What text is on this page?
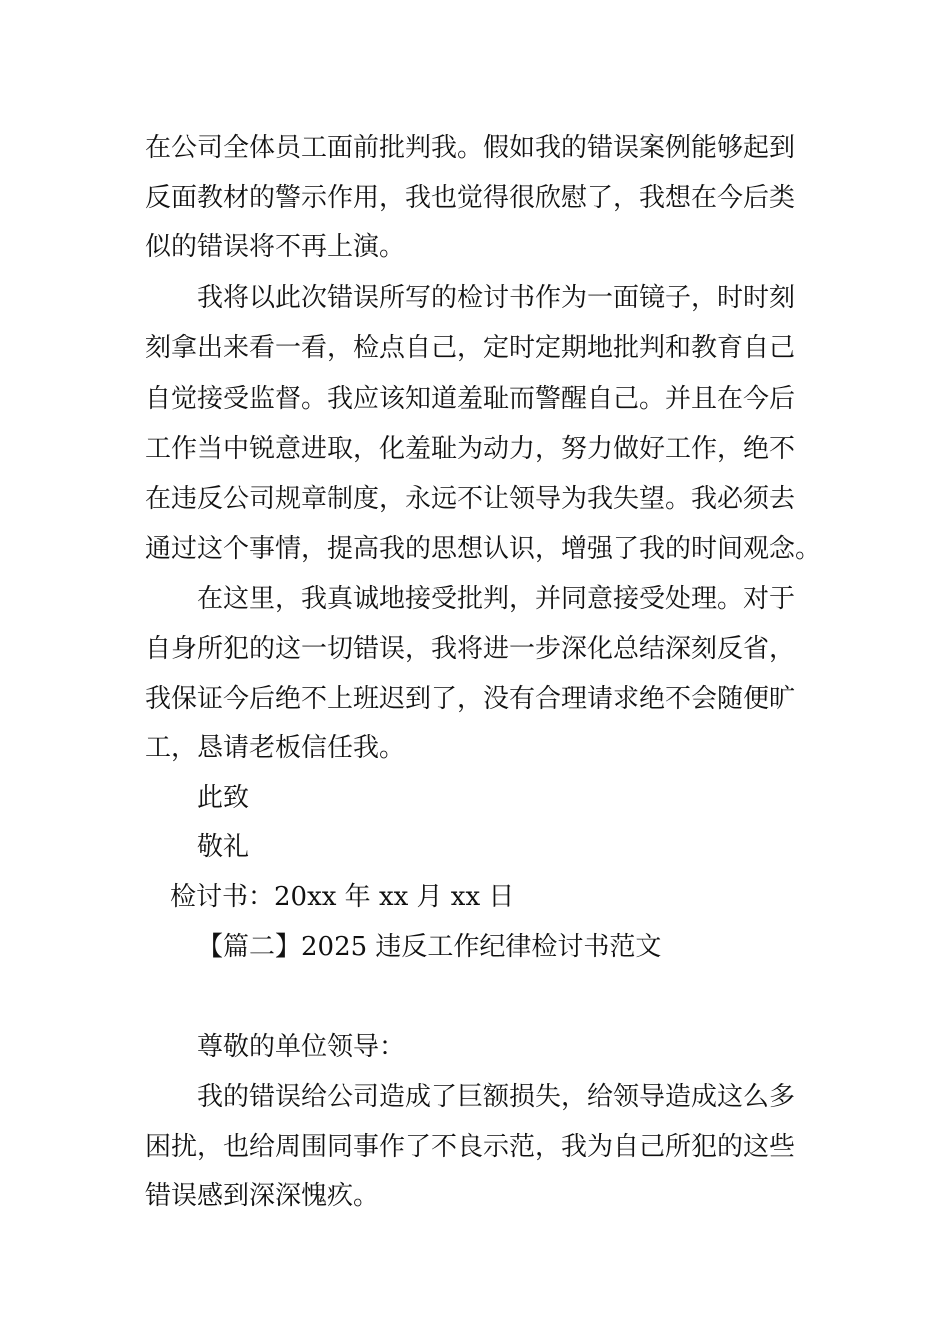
在公司全体员工面前批判我。假如我的错误案例能够起到
反面教材的警示作用，我也觉得很欣慰了，我想在今后类
似的错误将不再上演。
我将以此次错误所写的检讨书作为一面镜子，时时刻
刻拿出来看一看，检点自己，定时定期地批判和教育自己
自觉接受监督。我应该知道羞耻而警醒自己。并且在今后
工作当中锐意进取，化羞耻为动力，努力做好工作，绝不
在违反公司规章制度，永远不让领导为我失望。我必须去
通过这个事情，提高我的思想认识，增强了我的时间观念。
在这里，我真诚地接受批判，并同意接受处理。对于
自身所犯的这一切错误，我将进一步深化总结深刻反省，
我保证今后绝不上班迟到了，没有合理请求绝不会随便旷
工，恳请老板信任我。
此致
敬礼
检讨书：20xx 年 xx 月 xx 日
【篇二】2025 违反工作纪律检讨书范文
尊敬的单位领导：
我的错误给公司造成了巨额损失，给领导造成这么多
困扰，也给周围同事作了不良示范，我为自己所犯的这些
错误感到深深愧疚。
